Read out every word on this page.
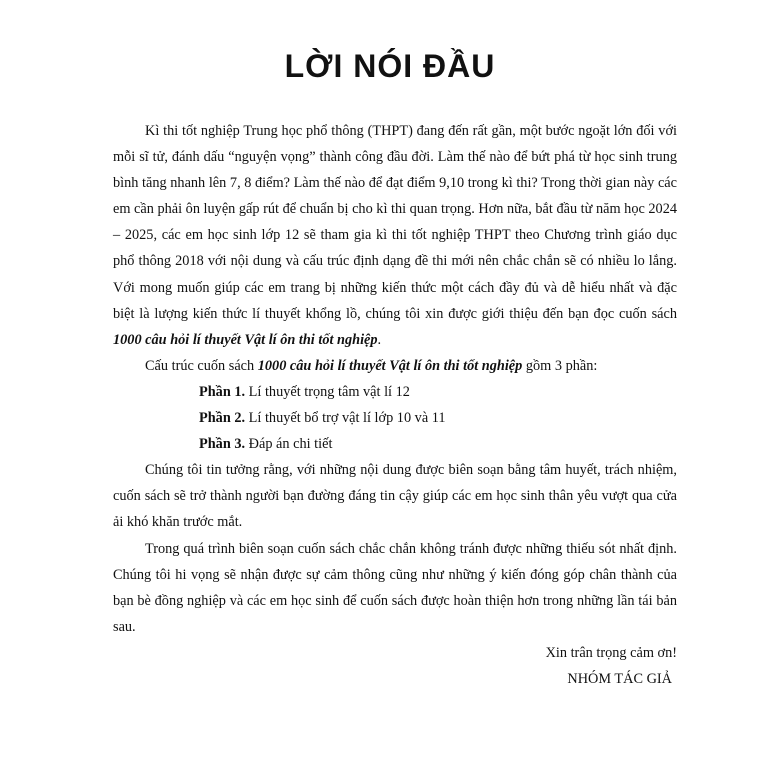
LỜI NÓI ĐẦU

Kì thi tốt nghiệp Trung học phổ thông (THPT) đang đến rất gần, một bước ngoặt lớn đối với mỗi sĩ tử, đánh dấu “nguyện vọng” thành công đầu đời. Làm thế nào để bứt phá từ học sinh trung bình tăng nhanh lên 7, 8 điểm? Làm thế nào để đạt điểm 9,10 trong kì thi? Trong thời gian này các em cần phải ôn luyện gấp rút để chuẩn bị cho kì thi quan trọng. Hơn nữa, bắt đầu từ năm học 2024 – 2025, các em học sinh lớp 12 sẽ tham gia kì thi tốt nghiệp THPT theo Chương trình giáo dục phổ thông 2018 với nội dung và cấu trúc định dạng đề thi mới nên chắc chắn sẽ có nhiều lo lắng. Với mong muốn giúp các em trang bị những kiến thức một cách đầy đủ và dễ hiểu nhất và đặc biệt là lượng kiến thức lí thuyết khổng lồ, chúng tôi xin được giới thiệu đến bạn đọc cuốn sách 1000 câu hỏi lí thuyết Vật lí ôn thi tốt nghiệp.

Cấu trúc cuốn sách 1000 câu hỏi lí thuyết Vật lí ôn thi tốt nghiệp gồm 3 phần:

Phần 1. Lí thuyết trọng tâm vật lí 12

Phần 2. Lí thuyết bổ trợ vật lí lớp 10 và 11

Phần 3. Đáp án chi tiết

Chúng tôi tin tưởng rằng, với những nội dung được biên soạn bằng tâm huyết, trách nhiệm, cuốn sách sẽ trở thành người bạn đường đáng tin cậy giúp các em học sinh thân yêu vượt qua cửa ải khó khăn trước mắt.

Trong quá trình biên soạn cuốn sách chắc chắn không tránh được những thiếu sót nhất định. Chúng tôi hi vọng sẽ nhận được sự cảm thông cũng như những ý kiến đóng góp chân thành của bạn bè đồng nghiệp và các em học sinh để cuốn sách được hoàn thiện hơn trong những lần tái bản sau.

Xin trân trọng cảm ơn!

NHÓM TÁC GIẢ
